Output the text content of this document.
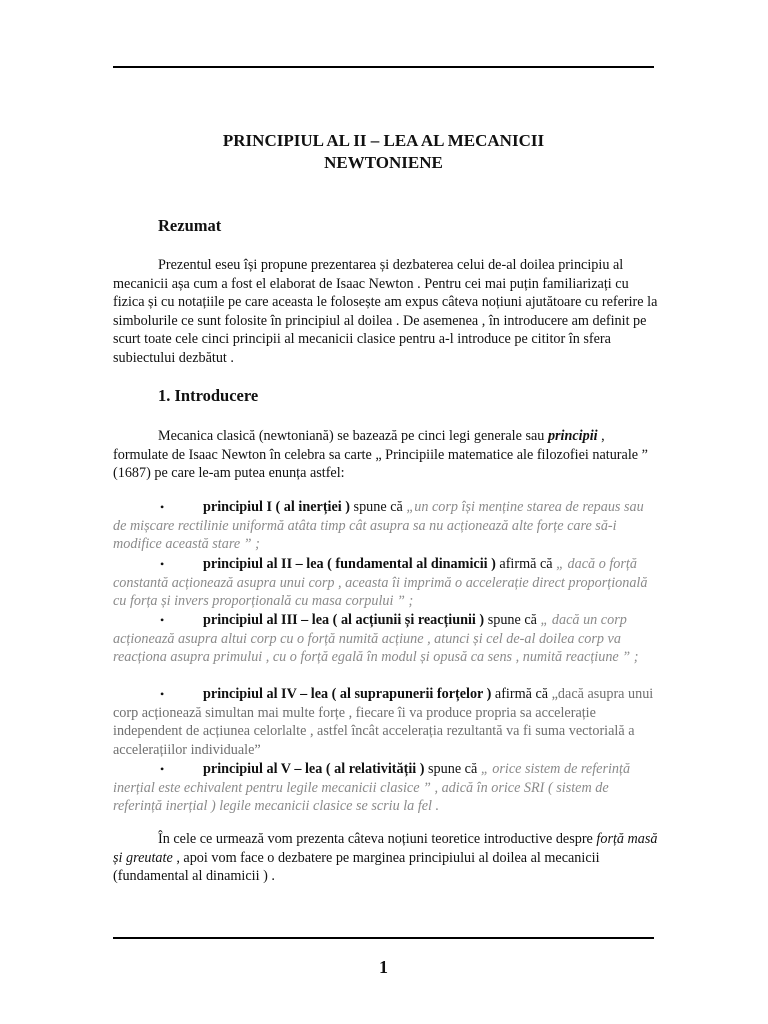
PRINCIPIUL AL II – LEA AL MECANICII
NEWTONIENE
Rezumat

Prezentul eseu își propune prezentarea și dezbaterea celui de-al doilea principiu al mecanicii așa cum a fost el elaborat de Isaac Newton . Pentru cei mai puțin familiarizați cu fizica și cu notațiile pe care aceasta le folosește am expus câteva noțiuni ajutătoare cu referire la simbolurile ce sunt folosite în principiul al doilea . De asemenea , în introducere am definit pe scurt toate cele cinci principii al mecanicii clasice pentru a-l introduce pe cititor în sfera subiectului dezbătut .

1. Introducere

Mecanica clasică (newtoniană) se bazează pe cinci legi generale sau principii , formulate de Isaac Newton în celebra sa carte „ Principiile matematice ale filozofiei naturale ” (1687) pe care le-am putea enunța astfel:

•	principiul I ( al inerției ) spune că „un corp își menține starea de repaus sau de mișcare rectilinie uniformă atâta timp cât asupra sa nu acționează alte forțe care să-i modifice această stare ” ;

•	principiul al II – lea ( fundamental al dinamicii ) afirmă că „ dacă o forță constantă acționează asupra unui corp , aceasta îi imprimă o accelerație direct proporțională cu forța și invers proporțională cu masa corpului ” ;

•	principiul al III – lea ( al acțiunii și reacțiunii ) spune că „ dacă un corp acționează asupra altui corp cu o forță numită acțiune , atunci și cel de-al doilea corp va reacționa asupra primului , cu o forță egală în modul și opusă ca sens , numită reacțiune ” ;

•	principiul al IV – lea ( al suprapunerii forțelor ) afirmă că „dacă asupra unui corp acționează simultan mai multe forțe , fiecare îi va produce propria sa accelerație independent de acțiunea celorlalte , astfel încât accelerația rezultantă va fi suma vectorială a accelerațiilor individuale”

•	principiul al V – lea ( al relativității ) spune că „ orice sistem de referință inerțial este echivalent pentru legile mecanicii clasice ” , adică în orice SRI ( sistem de referință inerțial ) legile mecanicii clasice se scriu la fel .

În cele ce urmează vom prezenta câteva noțiuni teoretice introductive despre forță masă și greutate , apoi vom face o dezbatere pe marginea principiului al doilea al mecanicii (fundamental al dinamicii ) .

1
